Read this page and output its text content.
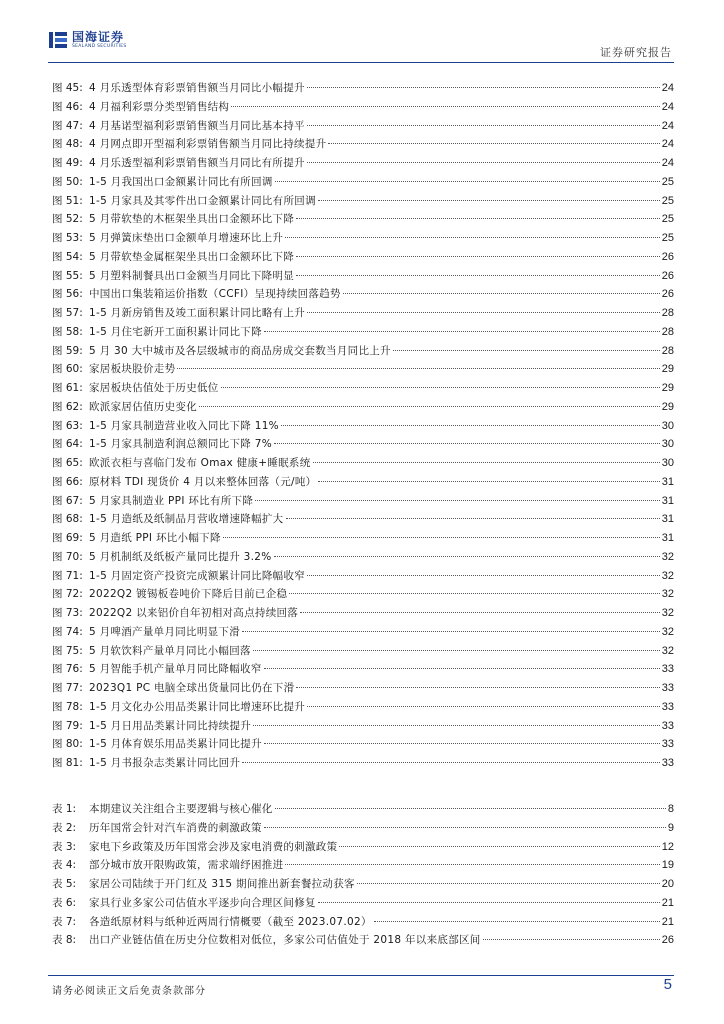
国海证券
SEALAND SECURITIES	证券研究报告
图 45: 4 月乐透型体育彩票销售额当月同比小幅提升	24
图 46: 4 月福利彩票分类型销售结构	24
图 47: 4 月基诺型福利彩票销售额当月同比基本持平	24
图 48: 4 月网点即开型福利彩票销售额当月同比持续提升	24
图 49: 4 月乐透型福利彩票销售额当月同比有所提升	24
图 50: 1-5 月我国出口金额累计同比有所回调	25
图 51: 1-5 月家具及其零件出口金额累计同比有所回调	25
图 52: 5 月带软垫的木框架坐具出口金额环比下降	25
图 53: 5 月弹簧床垫出口金额单月增速环比上升	25
图 54: 5 月带软垫金属框架坐具出口金额环比下降	26
图 55: 5 月塑料制餐具出口金额当月同比下降明显	26
图 56: 中国出口集装箱运价指数（CCFI）呈现持续回落趋势	26
图 57: 1-5 月新房销售及竣工面积累计同比略有上升	28
图 58: 1-5 月住宅新开工面积累计同比下降	28
图 59: 5 月 30 大中城市及各层级城市的商品房成交套数当月同比上升	28
图 60: 家居板块股价走势	29
图 61: 家居板块估值处于历史低位	29
图 62: 欧派家居估值历史变化	29
图 63: 1-5 月家具制造营业收入同比下降 11%	30
图 64: 1-5 月家具制造利润总额同比下降 7%	30
图 65: 欧派衣柜与喜临门发布 Omax 健康+睡眠系统	30
图 66: 原材料 TDI 现货价 4 月以来整体回落（元/吨）	31
图 67: 5 月家具制造业 PPI 环比有所下降	31
图 68: 1-5 月造纸及纸制品月营收增速降幅扩大	31
图 69: 5 月造纸 PPI 环比小幅下降	31
图 70: 5 月机制纸及纸板产量同比提升 3.2%	32
图 71: 1-5 月固定资产投资完成额累计同比降幅收窄	32
图 72: 2022Q2 镀锡板卷吨价下降后目前已企稳	32
图 73: 2022Q2 以来铝价自年初相对高点持续回落	32
图 74: 5 月啤酒产量单月同比明显下滑	32
图 75: 5 月软饮料产量单月同比小幅回落	32
图 76: 5 月智能手机产量单月同比降幅收窄	33
图 77: 2023Q1 PC 电脑全球出货量同比仍在下滑	33
图 78: 1-5 月文化办公用品类累计同比增速环比提升	33
图 79: 1-5 月日用品类累计同比持续提升	33
图 80: 1-5 月体育娱乐用品类累计同比提升	33
图 81: 1-5 月书报杂志类累计同比回升	33
表 1:	本期建议关注组合主要逻辑与核心催化	8
表 2:	历年国常会针对汽车消费的刺激政策	9
表 3:	家电下乡政策及历年国常会涉及家电消费的刺激政策	12
表 4:	部分城市放开限购政策，需求端纾困推进	19
表 5:	家居公司陆续于开门红及 315 期间推出新套餐拉动获客	20
表 6:	家具行业多家公司估值水平逐步向合理区间修复	21
表 7:	各造纸原材料与纸种近两周行情概要（截至 2023.07.02）	21
表 8:	出口产业链估值在历史分位数相对低位，多家公司估值处于 2018 年以来底部区间	26
请务必阅读正文后免责条款部分	5
